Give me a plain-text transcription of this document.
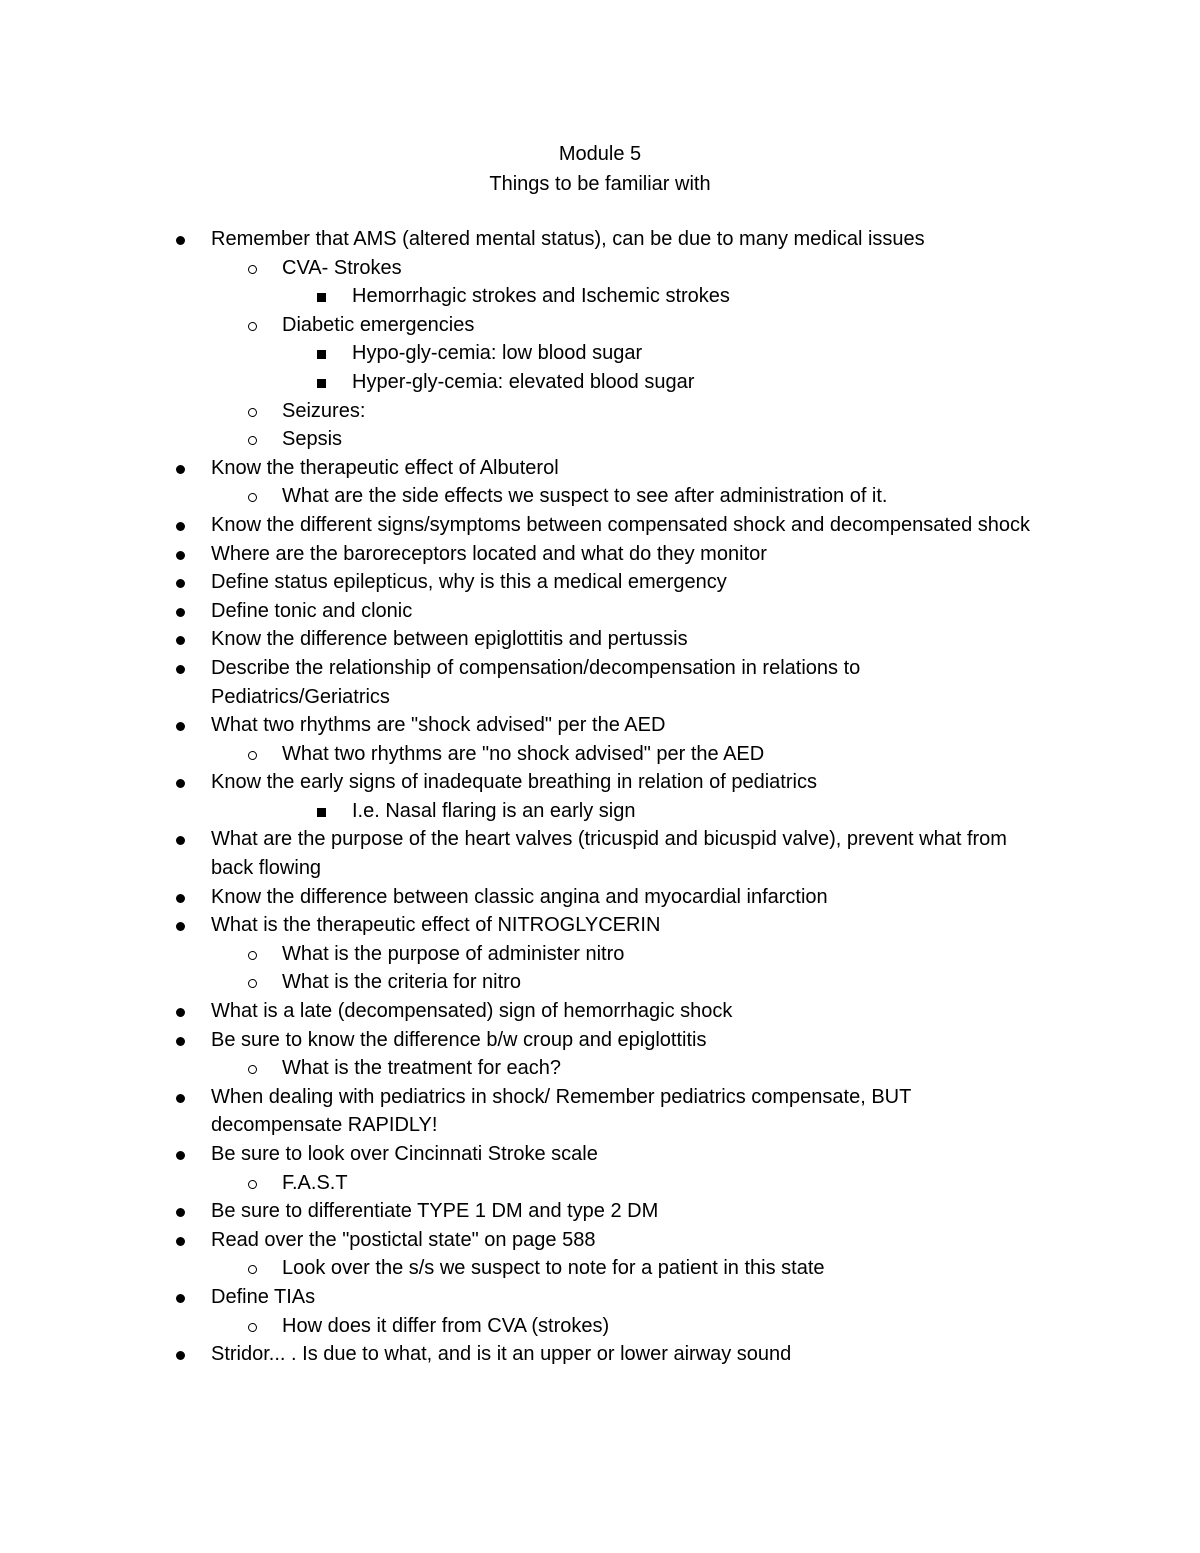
Module 5
Things to be familiar with
Remember that AMS (altered mental status), can be due to many medical issues
CVA- Strokes
Hemorrhagic strokes and Ischemic strokes
Diabetic emergencies
Hypo-gly-cemia: low blood sugar
Hyper-gly-cemia: elevated blood sugar
Seizures:
Sepsis
Know the therapeutic effect of Albuterol
What are the side effects we suspect to see after administration of it.
Know the different signs/symptoms between compensated shock and decompensated shock
Where are the baroreceptors located and what do they monitor
Define status epilepticus, why is this a medical emergency
Define tonic and clonic
Know the difference between epiglottitis and pertussis
Describe the relationship of compensation/decompensation in relations to Pediatrics/Geriatrics
What two rhythms are "shock advised" per the AED
What two rhythms are "no shock advised" per the AED
Know the early signs of inadequate breathing in relation of pediatrics
I.e. Nasal flaring is an early sign
What are the purpose of the heart valves (tricuspid and bicuspid valve), prevent what from back flowing
Know the difference between classic angina and myocardial infarction
What is the therapeutic effect of NITROGLYCERIN
What is the purpose of administer nitro
What is the criteria for nitro
What is a late (decompensated) sign of hemorrhagic shock
Be sure to know the difference b/w croup and epiglottitis
What is the treatment for each?
When dealing with pediatrics in shock/ Remember pediatrics compensate, BUT decompensate RAPIDLY!
Be sure to look over Cincinnati Stroke scale
F.A.S.T
Be sure to differentiate TYPE 1 DM and type 2 DM
Read over the "postictal state" on page 588
Look over the s/s we suspect to note for a patient in this state
Define TIAs
How does it differ from CVA (strokes)
Stridor... . Is due to what, and is it an upper or lower airway sound
